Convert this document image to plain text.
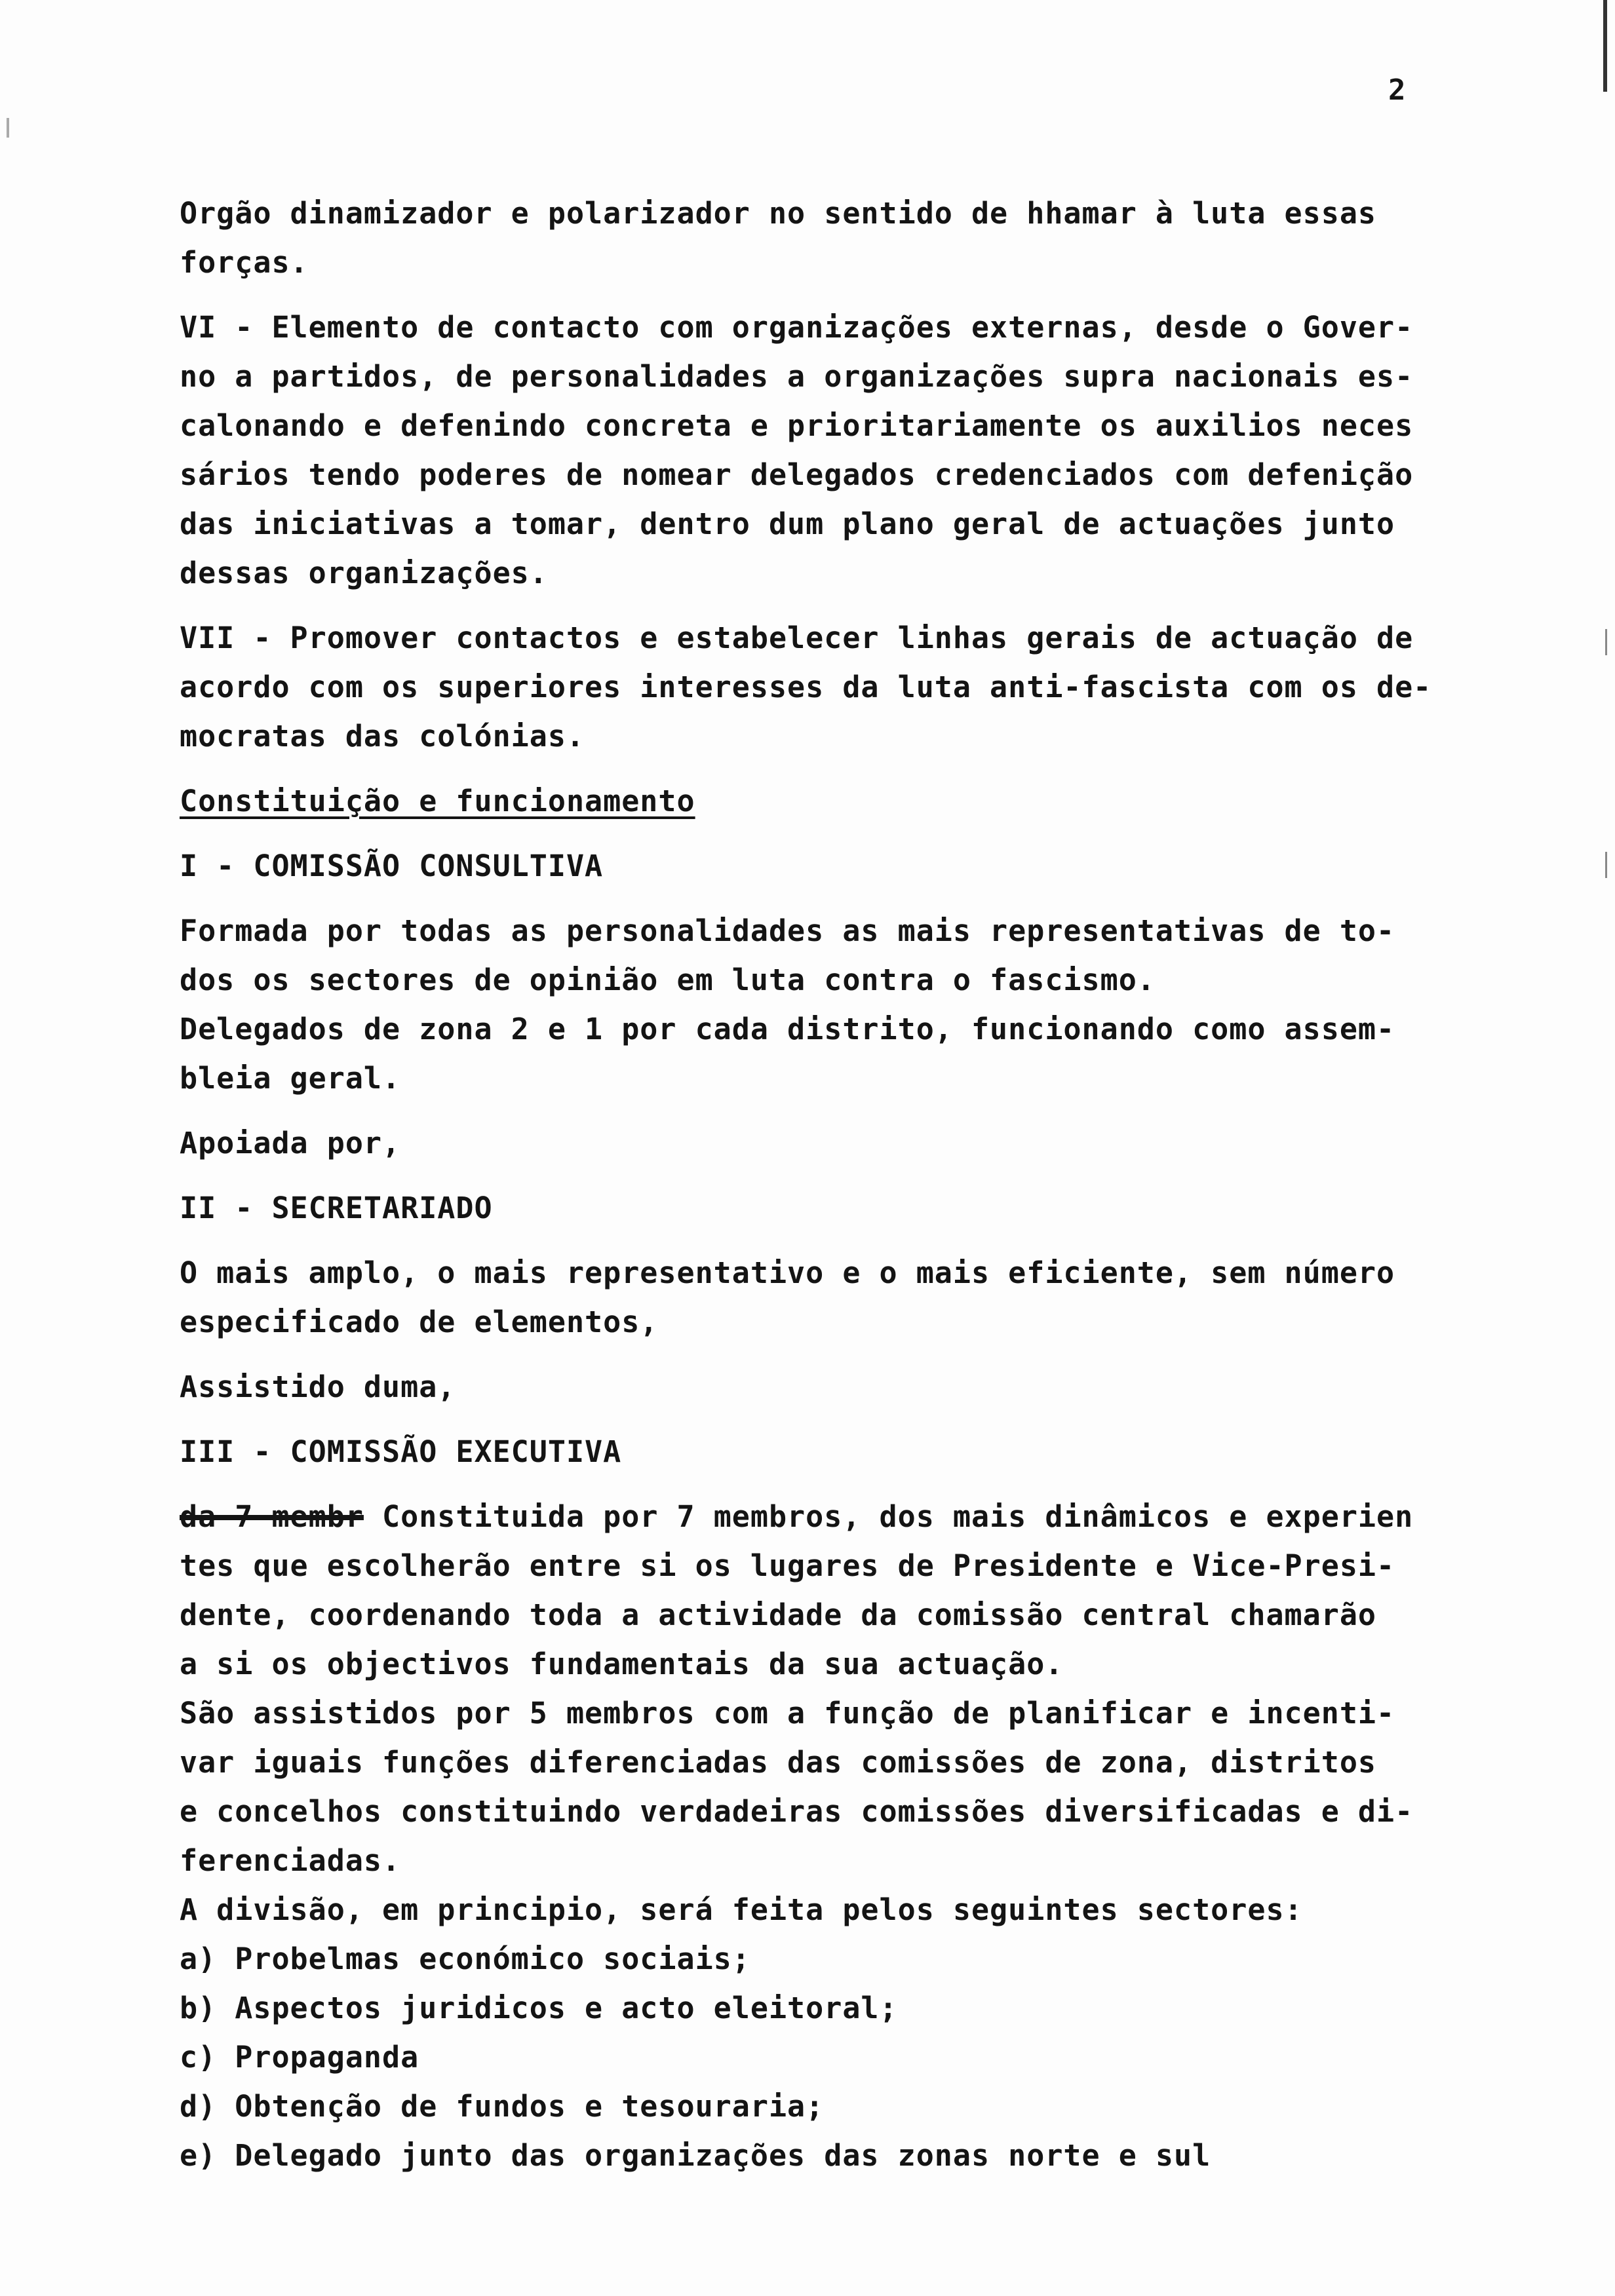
2

Orgão dinamizador e polarizador no sentido de hhamar à luta essas
forças.

VI - Elemento de contacto com organizações externas, desde o Gover-
no a partidos, de personalidades a organizações supra nacionais es-
calonando e defenindo concreta e prioritariamente os auxilios neces
sários tendo poderes de nomear delegados credenciados com defenição
das iniciativas a tomar, dentro dum plano geral de actuações junto
dessas organizações.

VII - Promover contactos e estabelecer linhas gerais de actuação de
acordo com os superiores interesses da luta anti-fascista com os de-
mocratas das colónias.

Constituição e funcionamento

I - COMISSÃO CONSULTIVA

Formada por todas as personalidades as mais representativas de to-
dos os sectores de opinião em luta contra o fascismo.

Delegados de zona 2 e 1 por cada distrito, funcionando como assem-
bleia geral.

Apoiada por,

II - SECRETARIADO

O mais amplo, o mais representativo e o mais eficiente, sem número
especificado de elementos,

Assistido duma,

III - COMISSÃO EXECUTIVA

da 7 membr Constituida por 7 membros, dos mais dinâmicos e experien
tes que escolherão entre si os lugares de Presidente e Vice-Presi-
dente, coordenando toda a actividade da comissão central chamarão
a si os objectivos fundamentais da sua actuação.

São assistidos por 5 membros com a função de planificar e incenti-
var iguais funções diferenciadas das comissões de zona, distritos
e concelhos constituindo verdadeiras comissões diversificadas e di-
ferenciadas.

A divisão, em principio, será feita pelos seguintes sectores:

a) Probelmas económico sociais;

b) Aspectos juridicos e acto eleitoral;

c) Propaganda

d) Obtenção de fundos e tesouraria;

e) Delegado junto das organizações das zonas norte e sul
